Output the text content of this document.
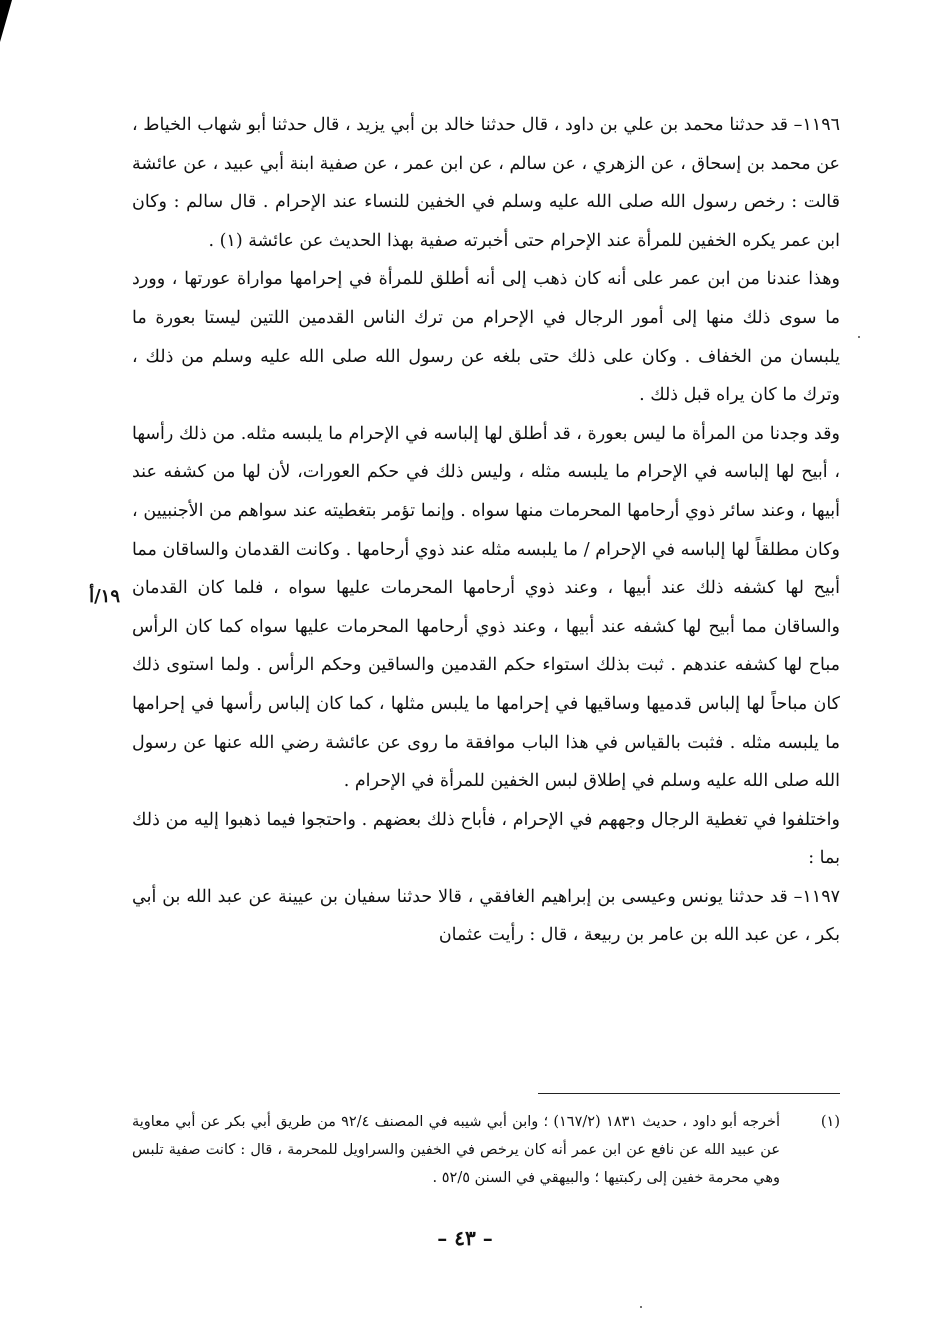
١١٩٦– قد حدثنا محمد بن علي بن داود ، قال حدثنا خالد بن أبي يزيد ، قال حدثنا أبو شهاب الخياط ، عن محمد بن إسحاق ، عن الزهري ، عن سالم ، عن ابن عمر ، عن صفية ابنة أبي عبيد ، عن عائشة قالت : رخص رسول الله صلى الله عليه وسلم في الخفين للنساء عند الإحرام . قال سالم : وكان ابن عمر يكره الخفين للمرأة عند الإحرام حتى أخبرته صفية بهذا الحديث عن عائشة (١) .

وهذا عندنا من ابن عمر على أنه كان ذهب إلى أنه أطلق للمرأة في إحرامها مواراة عورتها ، وورد ما سوى ذلك منها إلى أمور الرجال في الإحرام من ترك الناس القدمين اللتين ليستا بعورة ما يلبسان من الخفاف . وكان على ذلك حتى بلغه عن رسول الله صلى الله عليه وسلم من ذلك ، وترك ما كان يراه قبل ذلك .

وقد وجدنا من المرأة ما ليس بعورة ، قد أطلق لها إلباسه في الإحرام ما يلبسه مثله. من ذلك رأسها ، أبيح لها إلباسه في الإحرام ما يلبسه مثله ، وليس ذلك في حكم العورات، لأن لها من كشفه عند أبيها ، وعند سائر ذوي أرحامها المحرمات منها سواه . وإنما تؤمر بتغطيته عند سواهم من الأجنبيين ، وكان مطلقاً لها إلباسه في الإحرام / ما يلبسه مثله عند ذوي أرحامها . وكانت القدمان والساقان مما أبيح لها كشفه ذلك عند أبيها ، وعند ذوي أرحامها المحرمات عليها سواه ، فلما كان القدمان والساقان مما أبيح لها كشفه عند أبيها ، وعند ذوي أرحامها المحرمات عليها سواه كما كان الرأس مباح لها كشفه عندهم . ثبت بذلك استواء حكم القدمين والساقين وحكم الرأس . ولما استوى ذلك كان مباحاً لها إلباس قدميها وساقيها في إحرامها ما يلبس مثلها ، كما كان إلباس رأسها في إحرامها ما يلبسه مثله . فثبت بالقياس في هذا الباب موافقة ما روى عن عائشة رضي الله عنها عن رسول الله صلى الله عليه وسلم في إطلاق لبس الخفين للمرأة في الإحرام .

واختلفوا في تغطية الرجال وجههم في الإحرام ، فأباح ذلك بعضهم . واحتجوا فيما ذهبوا إليه من ذلك بما :

١١٩٧– قد حدثنا يونس وعيسى بن إبراهيم الغافقي ، قالا حدثنا سفيان بن عيينة عن عبد الله بن أبي بكر ، عن عبد الله بن عامر بن ربيعة ، قال : رأيت عثمان

١٩/أ
(١)
أخرجه أبو داود ، حديث ١٨٣١ (١٦٧/٢) ؛ وابن أبي شيبه في المصنف ٩٢/٤ من طريق أبي بكر عن أبي معاوية عن عبيد الله عن نافع عن ابن عمر أنه كان يرخص في الخفين والسراويل للمحرمة ، قال : كانت صفية تلبس وهي محرمة خفين إلى ركبتيها ؛ والبيهقي في السنن ٥٢/٥ .
– ٤٣ –
